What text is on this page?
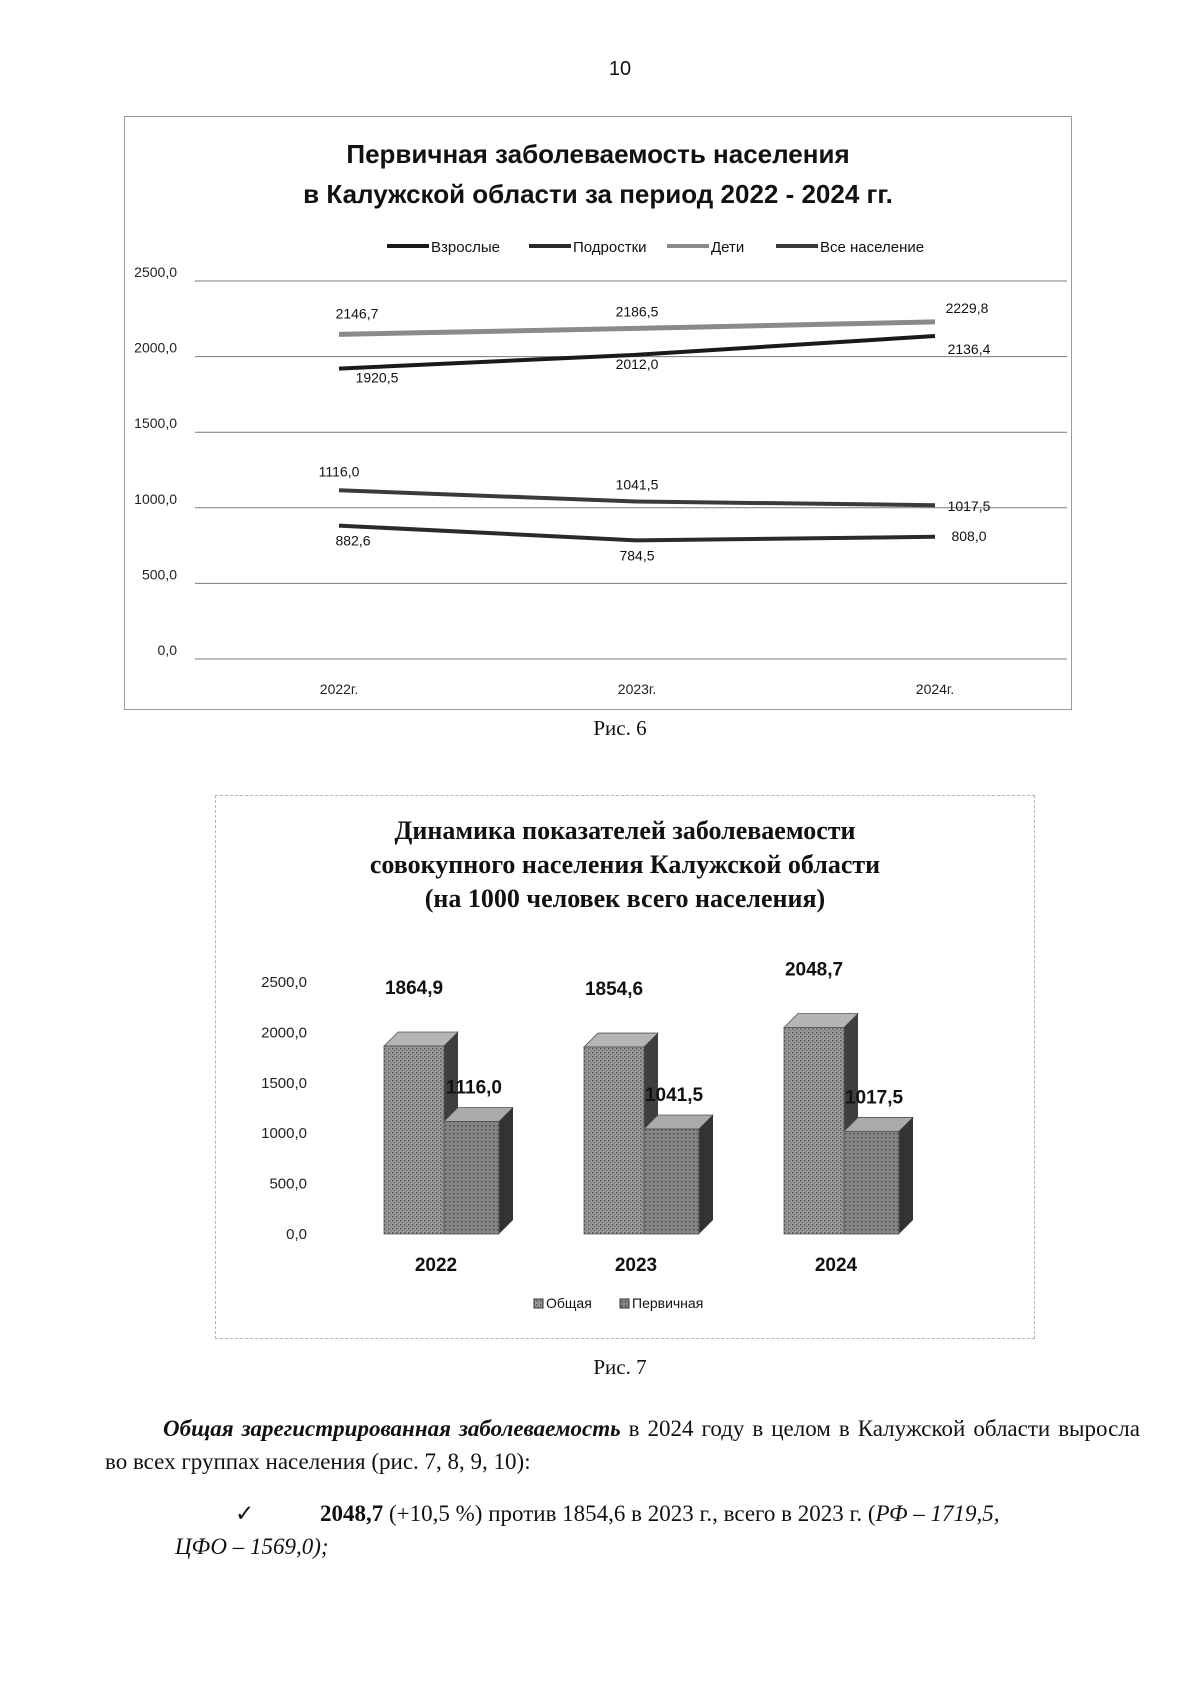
10
Первичная заболеваемость населения
в Калужской области за период 2022 - 2024 гг.
Взрослые	Подростки	Дети	Все население
0,0
500,0
1000,0
1500,0
2000,0
2500,0
2022г.	2023г.	2024г.
1920,5
2012,0
2136,4
882,6
784,5
808,0
2146,7	2186,5	2229,8
1116,0
1041,5
1017,5
Рис. 6
Динамика показателей заболеваемости
совокупного населения Калужской области
(на 1000 человек всего населения)
0,0
500,0
1000,0
1500,0
2000,0
2500,0	1864,9
1116,0
2022
1854,6
1041,5
2023
2048,7
1017,5
2024
Общая	Первичная
Рис. 7
Общая зарегистрированная заболеваемость в 2024 году в целом в Калужской области выросла во всех группах населения (рис. 7, 8, 9, 10):
✓	2048,7 (+10,5 %) против 1854,6 в 2023 г., всего в 2023 г. (РФ – 1719,5,
ЦФО – 1569,0);
